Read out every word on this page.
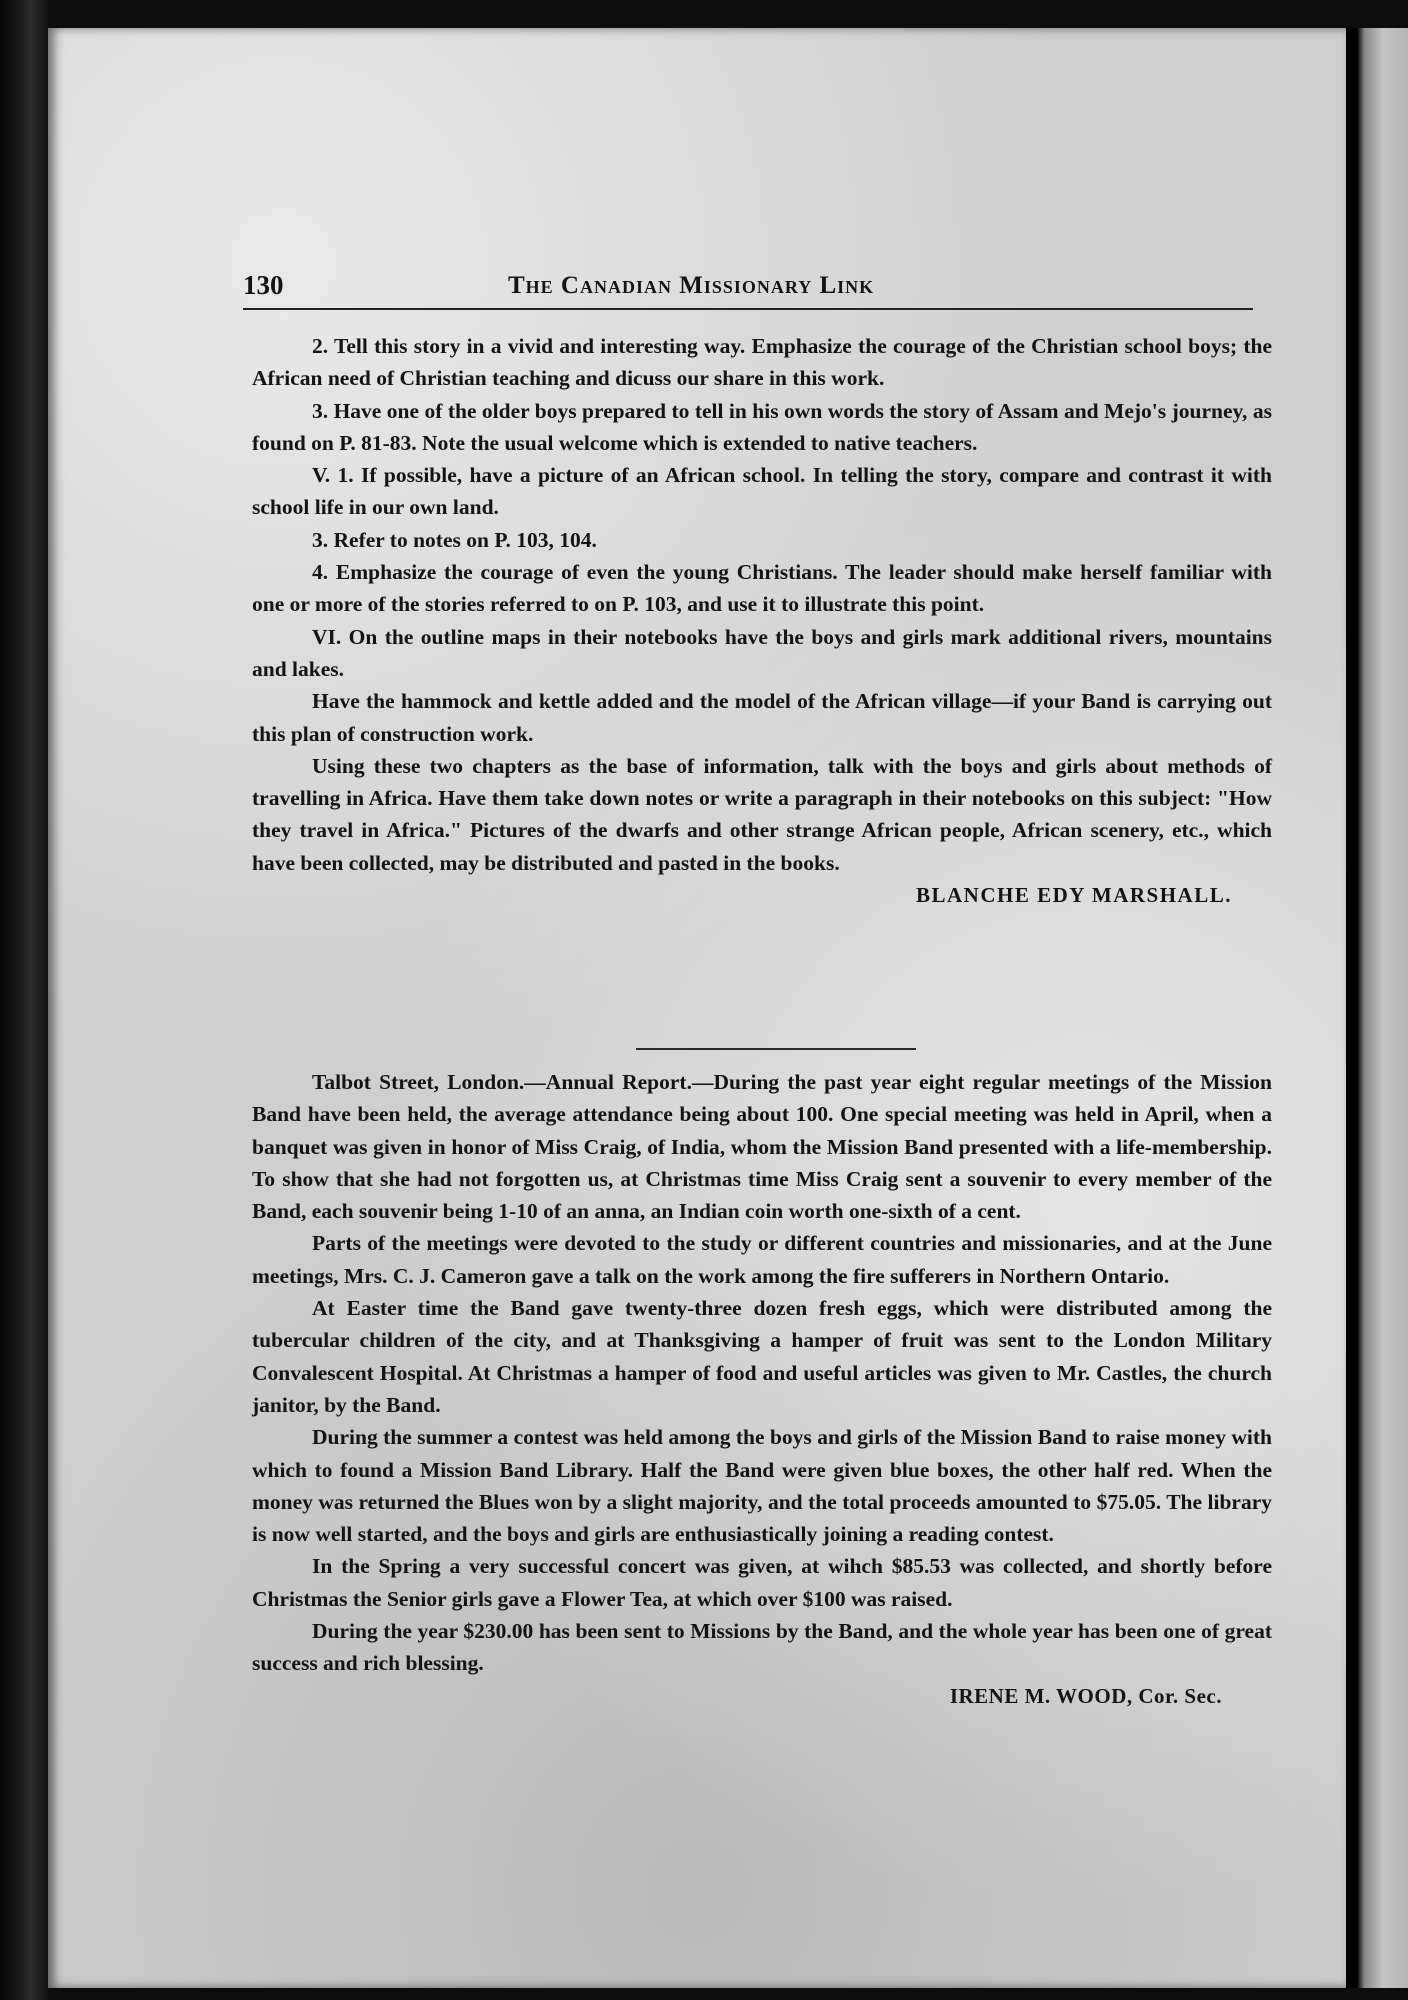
130	The Canadian Missionary Link

2. Tell this story in a vivid and interesting way. Emphasize the courage of the Christian school boys; the African need of Christian teaching and dicuss our share in this work.

3. Have one of the older boys prepared to tell in his own words the story of Assam and Mejo's journey, as found on P. 81-83. Note the usual welcome which is extended to native teachers.

V. 1. If possible, have a picture of an African school. In telling the story, compare and contrast it with school life in our own land.

3. Refer to notes on P. 103, 104.

4. Emphasize the courage of even the young Christians. The leader should make herself familiar with one or more of the stories referred to on P. 103, and use it to illustrate this point.

VI. On the outline maps in their notebooks have the boys and girls mark additional rivers, mountains and lakes.

Have the hammock and kettle added and the model of the African village—if your Band is carrying out this plan of construction work.

Using these two chapters as the base of information, talk with the boys and girls about methods of travelling in Africa. Have them take down notes or write a paragraph in their notebooks on this subject: "How they travel in Africa." Pictures of the dwarfs and other strange African people, African scenery, etc., which have been collected, may be distributed and pasted in the books.

BLANCHE EDY MARSHALL.

Talbot Street, London.—Annual Report.—During the past year eight regular meetings of the Mission Band have been held, the average attendance being about 100. One special meeting was held in April, when a banquet was given in honor of Miss Craig, of India, whom the Mission Band presented with a life-membership. To show that she had not forgotten us, at Christmas time Miss Craig sent a souvenir to every member of the Band, each souvenir being 1-10 of an anna, an Indian coin worth one-sixth of a cent.

Parts of the meetings were devoted to the study or different countries and missionaries, and at the June meetings, Mrs. C. J. Cameron gave a talk on the work among the fire sufferers in Northern Ontario.

At Easter time the Band gave twenty-three dozen fresh eggs, which were distributed among the tubercular children of the city, and at Thanksgiving a hamper of fruit was sent to the London Military Convalescent Hospital. At Christmas a hamper of food and useful articles was given to Mr. Castles, the church janitor, by the Band.

During the summer a contest was held among the boys and girls of the Mission Band to raise money with which to found a Mission Band Library. Half the Band were given blue boxes, the other half red. When the money was returned the Blues won by a slight majority, and the total proceeds amounted to $75.05. The library is now well started, and the boys and girls are enthusiastically joining a reading contest.

In the Spring a very successful concert was given, at wihch $85.53 was collected, and shortly before Christmas the Senior girls gave a Flower Tea, at which over $100 was raised.

During the year $230.00 has been sent to Missions by the Band, and the whole year has been one of great success and rich blessing.

IRENE M. WOOD, Cor. Sec.
